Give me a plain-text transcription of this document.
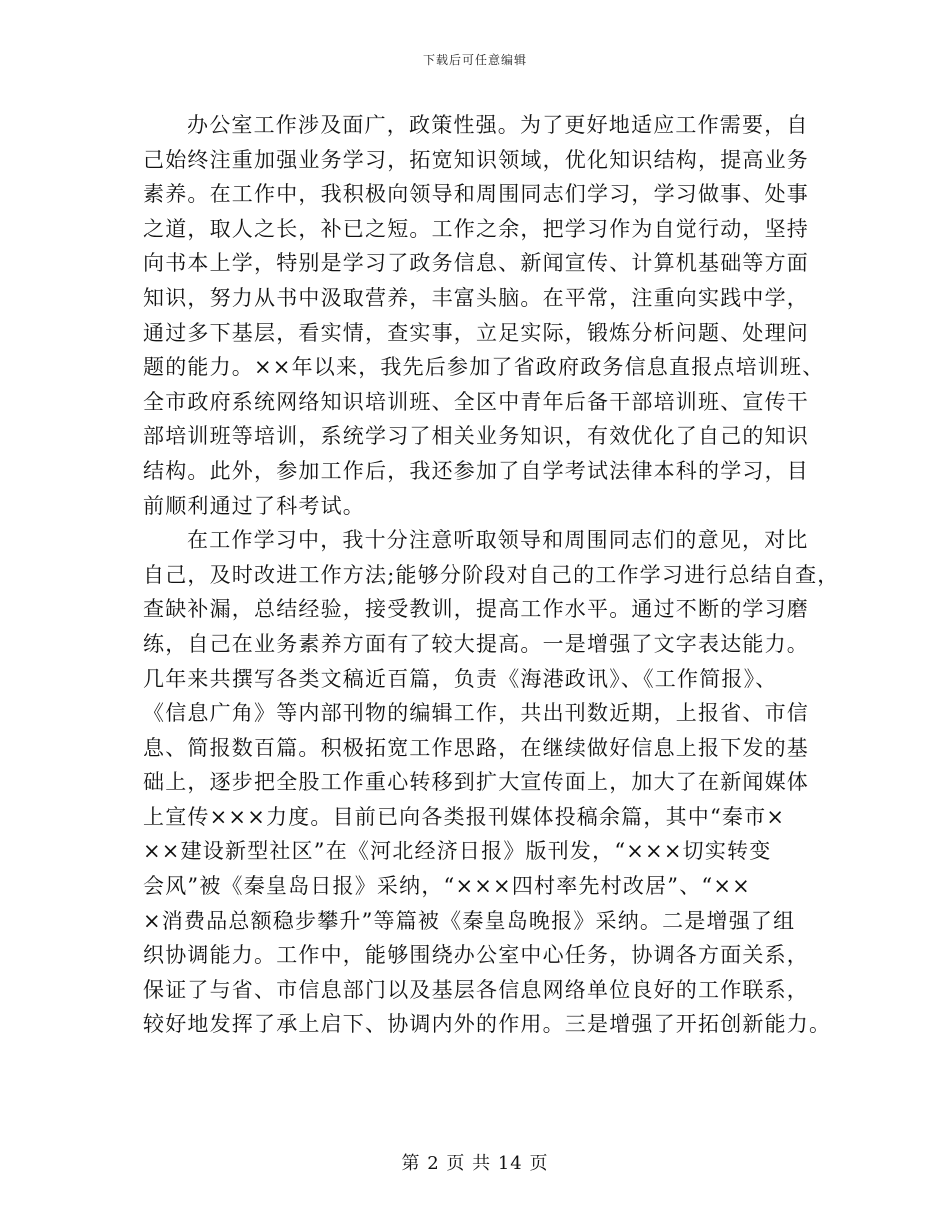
下载后可任意编辑
办公室工作涉及面广，政策性强。为了更好地适应工作需要，自
己始终注重加强业务学习，拓宽知识领域，优化知识结构，提高业务
素养。在工作中，我积极向领导和周围同志们学习，学习做事、处事
之道，取人之长，补已之短。工作之余，把学习作为自觉行动，坚持
向书本上学，特别是学习了政务信息、新闻宣传、计算机基础等方面
知识，努力从书中汲取营养，丰富头脑。在平常，注重向实践中学，
通过多下基层，看实情，查实事，立足实际，锻炼分析问题、处理问
题的能力。××年以来，我先后参加了省政府政务信息直报点培训班、
全市政府系统网络知识培训班、全区中青年后备干部培训班、宣传干
部培训班等培训，系统学习了相关业务知识，有效优化了自己的知识
结构。此外，参加工作后，我还参加了自学考试法律本科的学习，目
前顺利通过了科考试。
在工作学习中，我十分注意听取领导和周围同志们的意见，对比
自己，及时改进工作方法;能够分阶段对自己的工作学习进行总结自查，
查缺补漏，总结经验，接受教训，提高工作水平。通过不断的学习磨
练，自己在业务素养方面有了较大提高。一是增强了文字表达能力。
几年来共撰写各类文稿近百篇，负责《海港政讯》、《工作简报》、
《信息广角》等内部刊物的编辑工作，共出刊数近期，上报省、市信
息、简报数百篇。积极拓宽工作思路，在继续做好信息上报下发的基
础上，逐步把全股工作重心转移到扩大宣传面上，加大了在新闻媒体
上宣传×××力度。目前已向各类报刊媒体投稿余篇，其中“秦市×
××建设新型社区”在《河北经济日报》版刊发，“×××切实转变
会风”被《秦皇岛日报》采纳，“×××四村率先村改居”、“××
×消费品总额稳步攀升”等篇被《秦皇岛晚报》采纳。二是增强了组
织协调能力。工作中，能够围绕办公室中心任务，协调各方面关系，
保证了与省、市信息部门以及基层各信息网络单位良好的工作联系，
较好地发挥了承上启下、协调内外的作用。三是增强了开拓创新能力。
第 2 页 共 14 页
